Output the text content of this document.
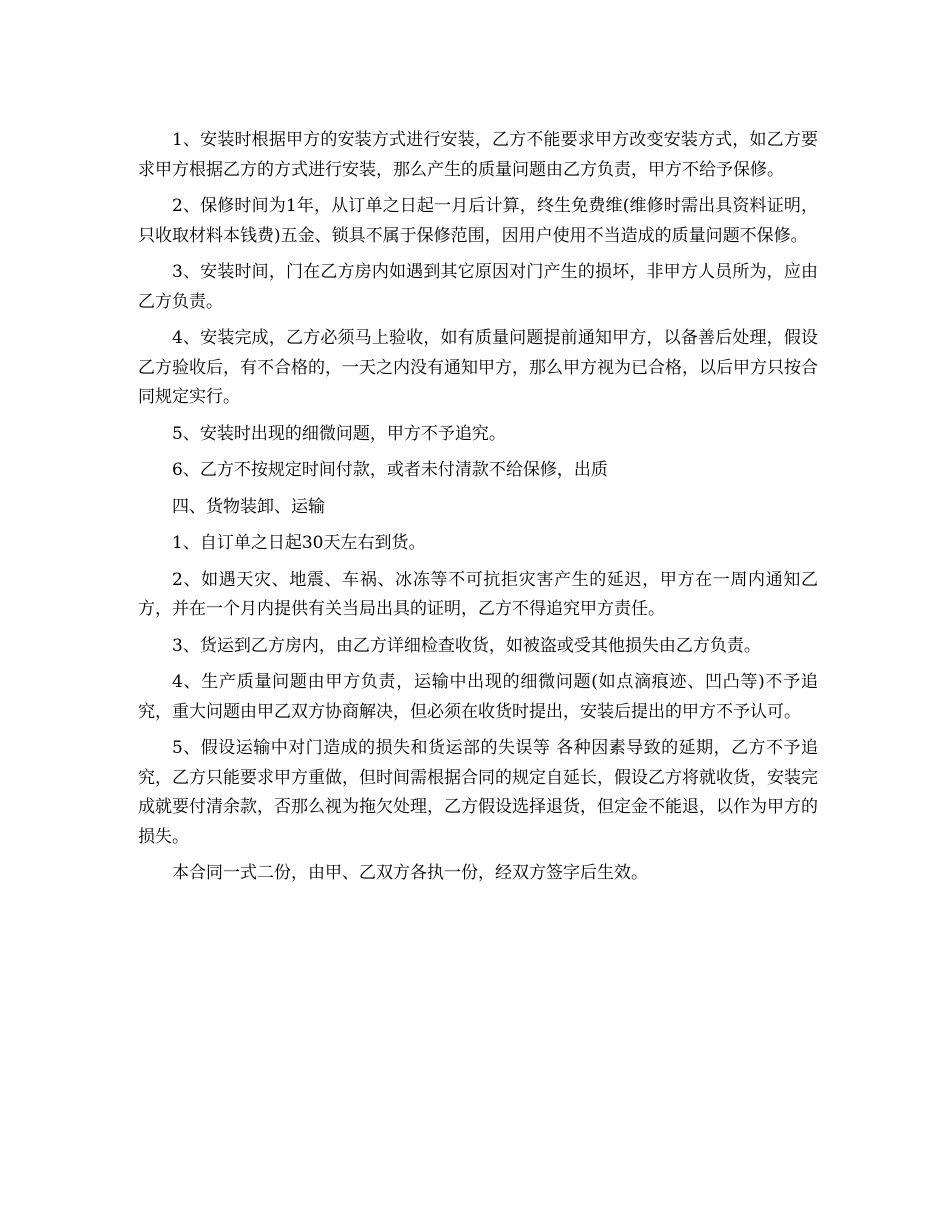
1、安装时根据甲方的安装方式进行安装，乙方不能要求甲方改变安装方式，如乙方要求甲方根据乙方的方式进行安装，那么产生的质量问题由乙方负责，甲方不给予保修。

2、保修时间为1年，从订单之日起一月后计算，终生免费维(维修时需出具资料证明，只收取材料本钱费)五金、锁具不属于保修范围，因用户使用不当造成的质量问题不保修。

3、安装时间，门在乙方房内如遇到其它原因对门产生的损坏，非甲方人员所为，应由乙方负责。

4、安装完成，乙方必须马上验收，如有质量问题提前通知甲方，以备善后处理，假设乙方验收后，有不合格的，一天之内没有通知甲方，那么甲方视为已合格，以后甲方只按合同规定实行。

5、安装时出现的细微问题，甲方不予追究。

6、乙方不按规定时间付款，或者未付清款不给保修，出质

四、货物装卸、运输

1、自订单之日起30天左右到货。

2、如遇天灾、地震、车祸、冰冻等不可抗拒灾害产生的延迟，甲方在一周内通知乙方，并在一个月内提供有关当局出具的证明，乙方不得追究甲方责任。

3、货运到乙方房内，由乙方详细检查收货，如被盗或受其他损失由乙方负责。

4、生产质量问题由甲方负责，运输中出现的细微问题(如点滴痕迹、凹凸等)不予追究，重大问题由甲乙双方协商解决，但必须在收货时提出，安装后提出的甲方不予认可。

5、假设运输中对门造成的损失和货运部的失误等 各种因素导致的延期，乙方不予追究，乙方只能要求甲方重做，但时间需根据合同的规定自延长，假设乙方将就收货，安装完成就要付清余款，否那么视为拖欠处理，乙方假设选择退货，但定金不能退，以作为甲方的损失。

本合同一式二份，由甲、乙双方各执一份，经双方签字后生效。
